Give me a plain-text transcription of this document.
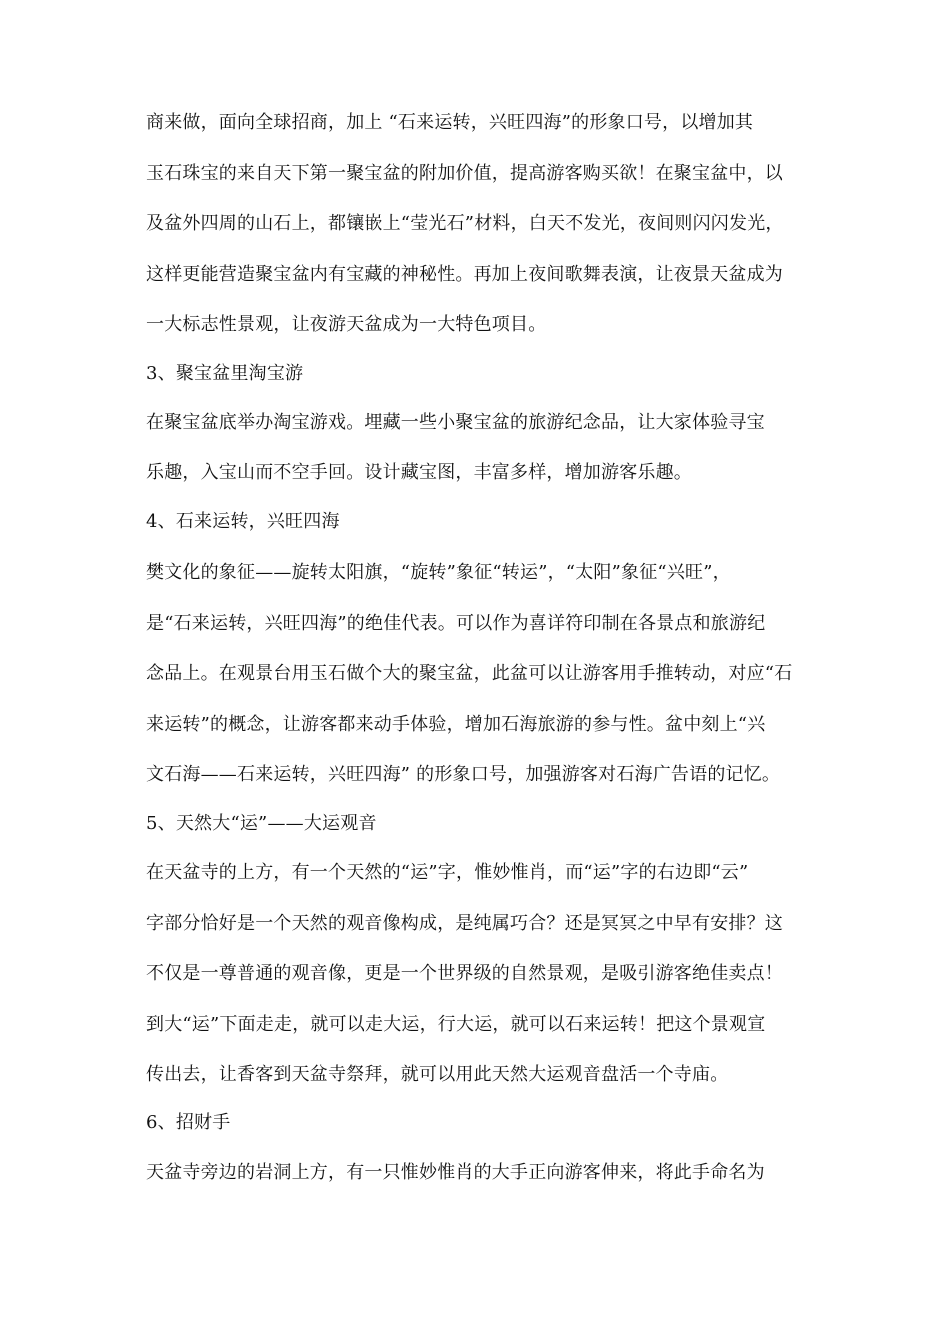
商来做，面向全球招商，加上 “石来运转，兴旺四海”的形象口号，以增加其
玉石珠宝的来自天下第一聚宝盆的附加价值，提高游客购买欲！在聚宝盆中，以
及盆外四周的山石上，都镶嵌上“莹光石”材料，白天不发光，夜间则闪闪发光，
这样更能营造聚宝盆内有宝藏的神秘性。再加上夜间歌舞表演，让夜景天盆成为
一大标志性景观，让夜游天盆成为一大特色项目。
3、聚宝盆里淘宝游
在聚宝盆底举办淘宝游戏。埋藏一些小聚宝盆的旅游纪念品，让大家体验寻宝
乐趣，入宝山而不空手回。设计藏宝图，丰富多样，增加游客乐趣。
4、石来运转，兴旺四海
樊文化的象征——旋转太阳旗，“旋转”象征“转运”，“太阳”象征“兴旺”，
是“石来运转，兴旺四海”的绝佳代表。可以作为喜详符印制在各景点和旅游纪
念品上。在观景台用玉石做个大的聚宝盆，此盆可以让游客用手推转动，对应“石
来运转”的概念，让游客都来动手体验，增加石海旅游的参与性。盆中刻上“兴
文石海——石来运转，兴旺四海” 的形象口号，加强游客对石海广告语的记忆。
5、天然大“运”——大运观音
在天盆寺的上方，有一个天然的“运”字，惟妙惟肖，而“运”字的右边即“云”
字部分恰好是一个天然的观音像构成，是纯属巧合？还是冥冥之中早有安排？这
不仅是一尊普通的观音像，更是一个世界级的自然景观，是吸引游客绝佳卖点！
到大“运”下面走走，就可以走大运，行大运，就可以石来运转！把这个景观宣
传出去，让香客到天盆寺祭拜，就可以用此天然大运观音盘活一个寺庙。
6、招财手
天盆寺旁边的岩洞上方，有一只惟妙惟肖的大手正向游客伸来，将此手命名为
